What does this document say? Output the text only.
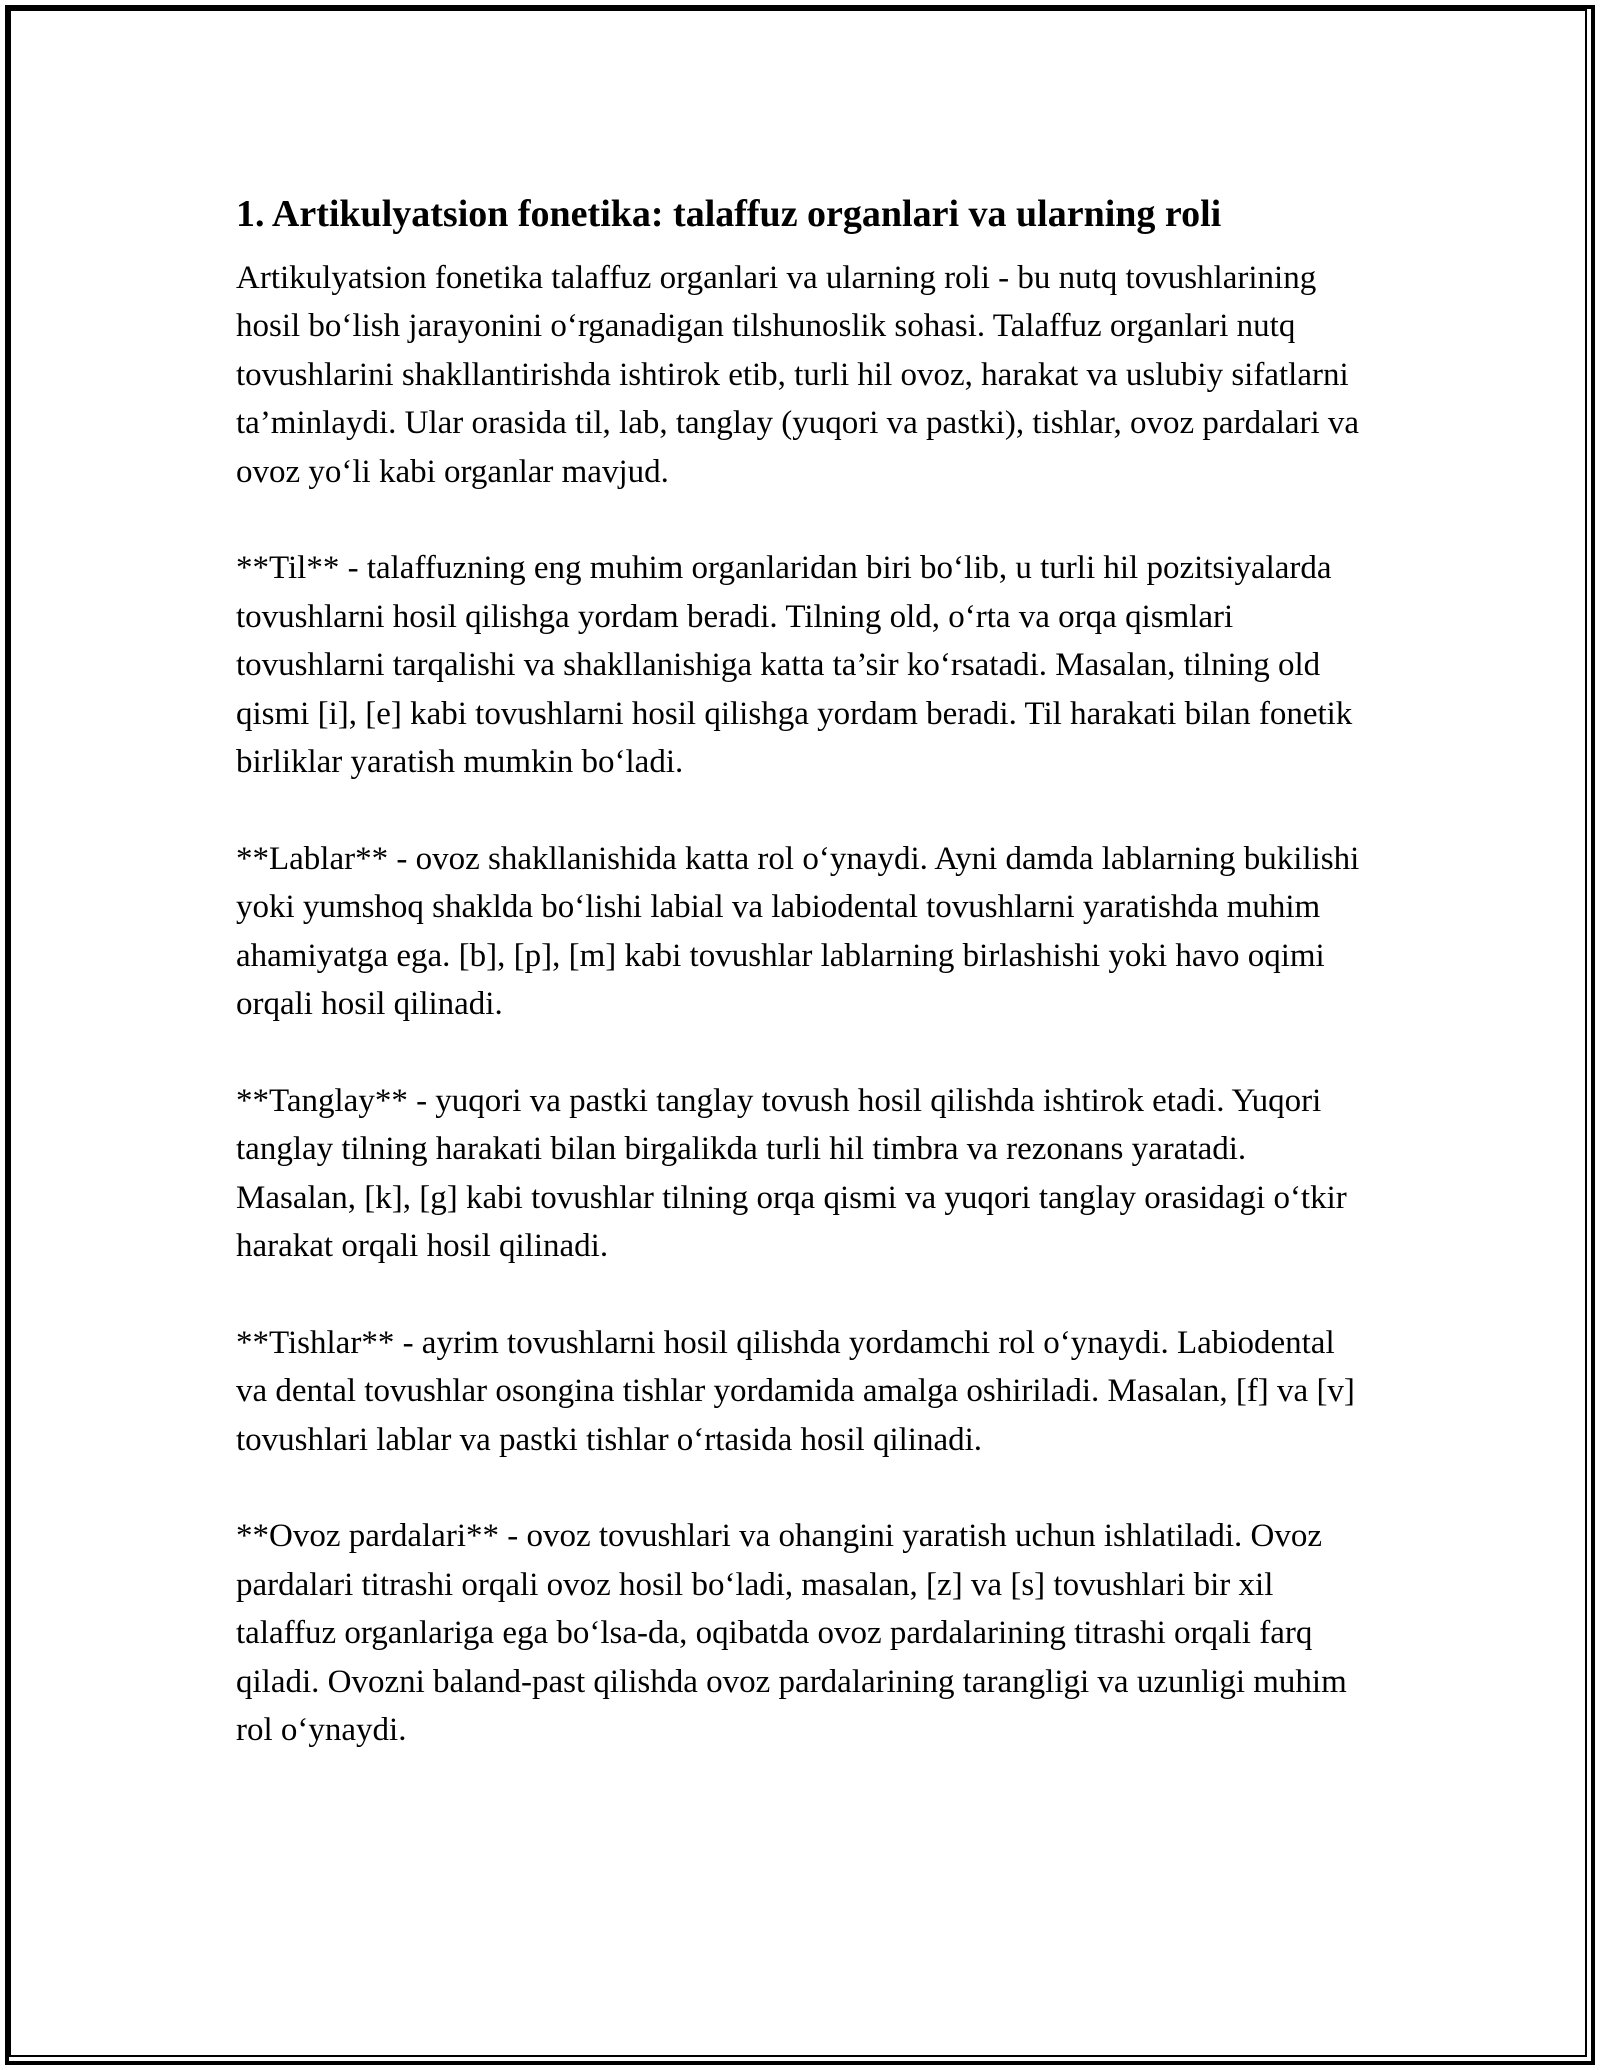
1. Artikulyatsion fonetika: talaffuz organlari va ularning roli

Artikulyatsion fonetika talaffuz organlari va ularning roli - bu nutq tovushlarining hosil bo‘lish jarayonini o‘rganadigan tilshunoslik sohasi. Talaffuz organlari nutq tovushlarini shakllantirishda ishtirok etib, turli hil ovoz, harakat va uslubiy sifatlarni ta’minlaydi. Ular orasida til, lab, tanglay (yuqori va pastki), tishlar, ovoz pardalari va ovoz yo‘li kabi organlar mavjud.

**Til** - talaffuzning eng muhim organlaridan biri bo‘lib, u turli hil pozitsiyalarda tovushlarni hosil qilishga yordam beradi. Tilning old, o‘rta va orqa qismlari tovushlarni tarqalishi va shakllanishiga katta ta’sir ko‘rsatadi. Masalan, tilning old qismi [i], [e] kabi tovushlarni hosil qilishga yordam beradi. Til harakati bilan fonetik birliklar yaratish mumkin bo‘ladi.

**Lablar** - ovoz shakllanishida katta rol o‘ynaydi. Ayni damda lablarning bukilishi yoki yumshoq shaklda bo‘lishi labial va labiodental tovushlarni yaratishda muhim ahamiyatga ega. [b], [p], [m] kabi tovushlar lablarning birlashishi yoki havo oqimi orqali hosil qilinadi.

**Tanglay** - yuqori va pastki tanglay tovush hosil qilishda ishtirok etadi. Yuqori tanglay tilning harakati bilan birgalikda turli hil timbra va rezonans yaratadi. Masalan, [k], [g] kabi tovushlar tilning orqa qismi va yuqori tanglay orasidagi o‘tkir harakat orqali hosil qilinadi.

**Tishlar** - ayrim tovushlarni hosil qilishda yordamchi rol o‘ynaydi. Labiodental va dental tovushlar osongina tishlar yordamida amalga oshiriladi. Masalan, [f] va [v] tovushlari lablar va pastki tishlar o‘rtasida hosil qilinadi.

**Ovoz pardalari** - ovoz tovushlari va ohangini yaratish uchun ishlatiladi. Ovoz pardalari titrashi orqali ovoz hosil bo‘ladi, masalan, [z] va [s] tovushlari bir xil talaffuz organlariga ega bo‘lsa-da, oqibatda ovoz pardalarining titrashi orqali farq qiladi. Ovozni baland-past qilishda ovoz pardalarining tarangligi va uzunligi muhim rol o‘ynaydi.
